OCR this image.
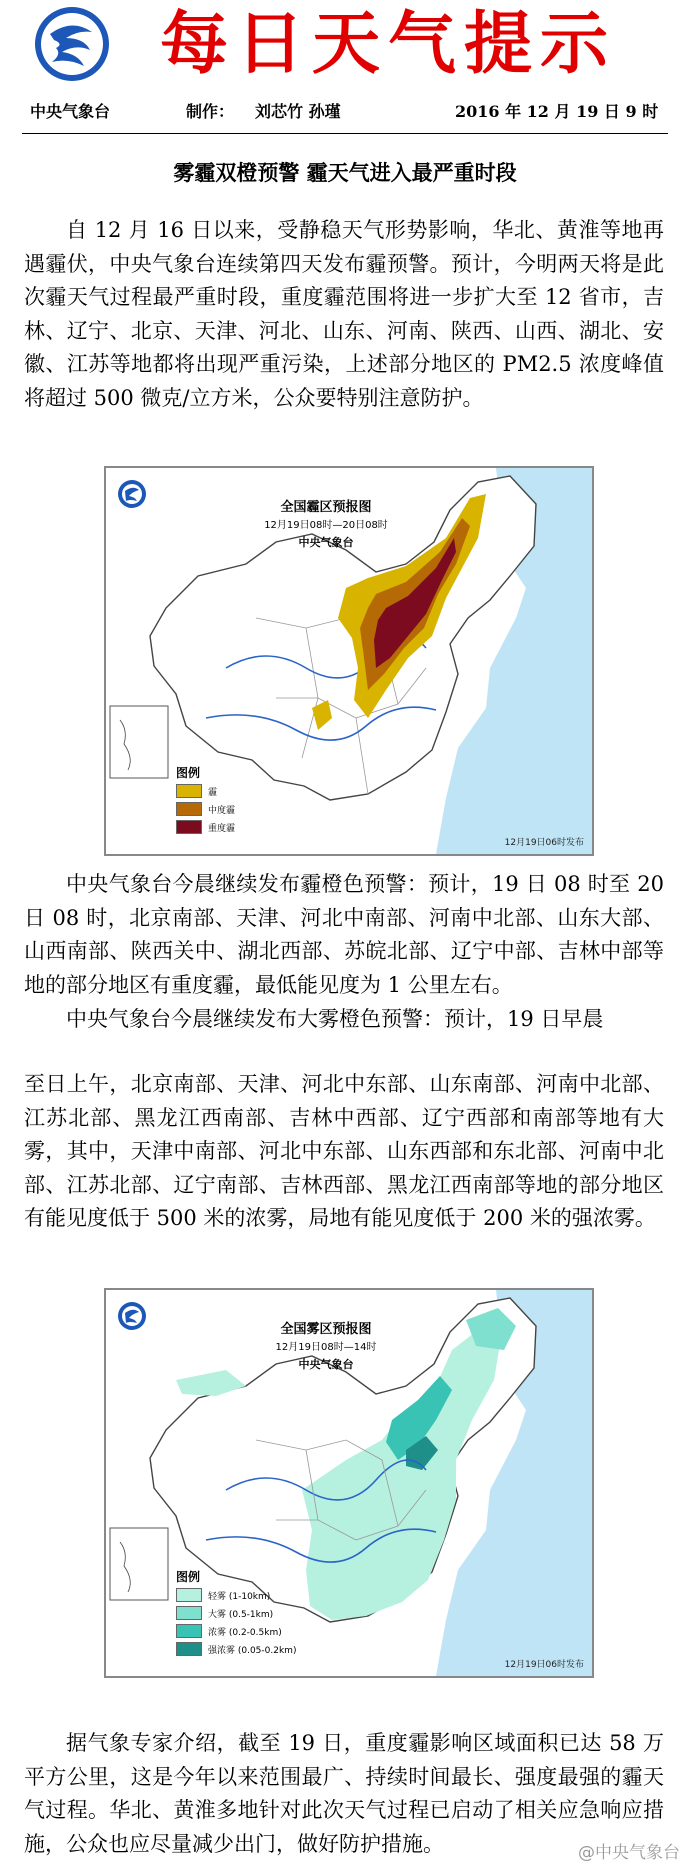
每日天气提示
中央气象台	制作： 刘芯竹 孙瑾	2016 年 12 月 19 日 9 时
雾霾双橙预警 霾天气进入最严重时段
自 12 月 16 日以来，受静稳天气形势影响，华北、黄淮等地再遇霾伏，中央气象台连续第四天发布霾预警。预计，今明两天将是此次霾天气过程最严重时段，重度霾范围将进一步扩大至 12 省市，吉林、辽宁、北京、天津、河北、山东、河南、陕西、山西、湖北、安徽、江苏等地都将出现严重污染，上述部分地区的 PM2.5 浓度峰值将超过 500 微克/立方米，公众要特别注意防护。
全国霾区预报图
12月19日08时—20日08时
中央气象台
图例
霾
中度霾
重度霾
12月19日06时发布
中央气象台今晨继续发布霾橙色预警：预计，19 日 08 时至 20 日 08 时，北京南部、天津、河北中南部、河南中北部、山东大部、山西南部、陕西关中、湖北西部、苏皖北部、辽宁中部、吉林中部等地的部分地区有重度霾，最低能见度为 1 公里左右。
中央气象台今晨继续发布大雾橙色预警：预计，19 日早晨
至日上午，北京南部、天津、河北中东部、山东南部、河南中北部、江苏北部、黑龙江西南部、吉林中西部、辽宁西部和南部等地有大雾，其中，天津中南部、河北中东部、山东西部和东北部、河南中北部、江苏北部、辽宁南部、吉林西部、黑龙江西南部等地的部分地区有能见度低于 500 米的浓雾，局地有能见度低于 200 米的强浓雾。
全国雾区预报图
12月19日08时—14时
中央气象台
图例
轻雾 (1-10km)
大雾 (0.5-1km)
浓雾 (0.2-0.5km)
强浓雾 (0.05-0.2km)
12月19日06时发布
据气象专家介绍，截至 19 日，重度霾影响区域面积已达 58 万平方公里，这是今年以来范围最广、持续时间最长、强度最强的霾天气过程。华北、黄淮多地针对此次天气过程已启动了相关应急响应措施，公众也应尽量减少出门，做好防护措施。	@中央气象台
